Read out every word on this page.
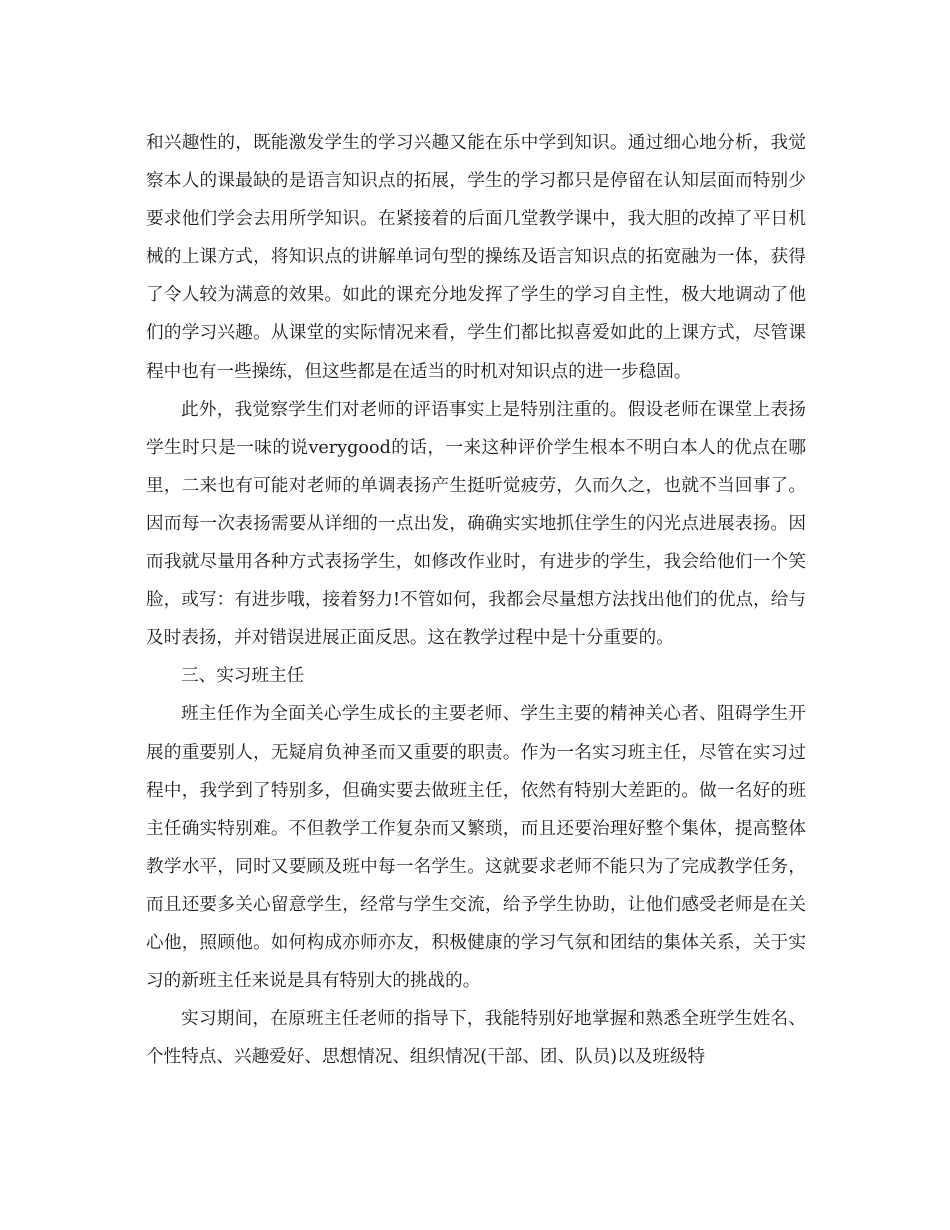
和兴趣性的，既能激发学生的学习兴趣又能在乐中学到知识。通过细心地分析，我觉察本人的课最缺的是语言知识点的拓展，学生的学习都只是停留在认知层面而特别少要求他们学会去用所学知识。在紧接着的后面几堂教学课中，我大胆的改掉了平日机械的上课方式，将知识点的讲解单词句型的操练及语言知识点的拓宽融为一体，获得了令人较为满意的效果。如此的课充分地发挥了学生的学习自主性，极大地调动了他们的学习兴趣。从课堂的实际情况来看，学生们都比拟喜爱如此的上课方式，尽管课程中也有一些操练，但这些都是在适当的时机对知识点的进一步稳固。

此外，我觉察学生们对老师的评语事实上是特别注重的。假设老师在课堂上表扬学生时只是一味的说verygood的话，一来这种评价学生根本不明白本人的优点在哪里，二来也有可能对老师的单调表扬产生挺听觉疲劳，久而久之，也就不当回事了。因而每一次表扬需要从详细的一点出发，确确实实地抓住学生的闪光点进展表扬。因而我就尽量用各种方式表扬学生，如修改作业时，有进步的学生，我会给他们一个笑脸，或写：有进步哦，接着努力!不管如何，我都会尽量想方法找出他们的优点，给与及时表扬，并对错误进展正面反思。这在教学过程中是十分重要的。

三、实习班主任

班主任作为全面关心学生成长的主要老师、学生主要的精神关心者、阻碍学生开展的重要别人，无疑肩负神圣而又重要的职责。作为一名实习班主任，尽管在实习过程中，我学到了特别多，但确实要去做班主任，依然有特别大差距的。做一名好的班主任确实特别难。不但教学工作复杂而又繁琐，而且还要治理好整个集体，提高整体教学水平，同时又要顾及班中每一名学生。这就要求老师不能只为了完成教学任务，而且还要多关心留意学生，经常与学生交流，给予学生协助，让他们感受老师是在关心他，照顾他。如何构成亦师亦友，积极健康的学习气氛和团结的集体关系，关于实习的新班主任来说是具有特别大的挑战的。

实习期间，在原班主任老师的指导下，我能特别好地掌握和熟悉全班学生姓名、个性特点、兴趣爱好、思想情况、组织情况(干部、团、队员)以及班级特
